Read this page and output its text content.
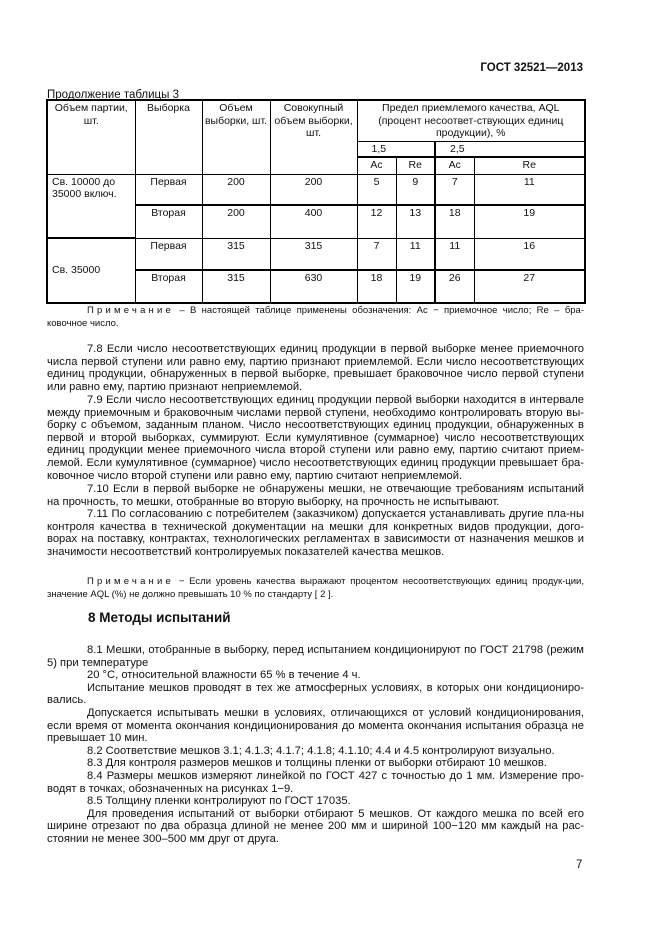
ГОСТ 32521—2013
Продолжение таблицы 3
Объем партии, шт.	Выборка	Объем выборки, шт.	Совокупный объем выборки, шт.	Предел приемлемого качества, AQL (процент несоответ-ствующих единиц продукции), %			
				1,5		2,5	
				Ac	Re	Ac	Re
Св. 10000 до 35000 включ.	Первая	200	200	5	9	7	11
	Вторая	200	400	12	13	18	19
Св. 35000	Первая	315	315	7	11	11	16
	Вторая	315	630	18	19	26	27
Примечание – В настоящей таблице применены обозначения: Ac − приемочное число; Re – бра-ковочное число.

7.8 Если число несоответствующих единиц продукции в первой выборке менее приемочного числа первой ступени или равно ему, партию признают приемлемой. Если число несоответствующих единиц продукции, обнаруженных в первой выборке, превышает браковочное число первой ступени или равно ему, партию признают неприемлемой.

7.9 Если число несоответствующих единиц продукции первой выборки находится в интервале между приемочным и браковочным числами первой ступени, необходимо контролировать вторую вы-борку с объемом, заданным планом. Число несоответствующих единиц продукции, обнаруженных в первой и второй выборках, суммируют. Если кумулятивное (суммарное) число несоответствующих единиц продукции менее приемочного числа второй ступени или равно ему, партию считают прием-лемой. Если кумулятивное (суммарное) число несоответствующих единиц продукции превышает бра-ковочное число второй ступени или равно ему, партию считают неприемлемой.

7.10 Если в первой выборке не обнаружены мешки, не отвечающие требованиям испытаний на прочность, то мешки, отобранные во вторую выборку, на прочность не испытывают.

7.11 По согласованию с потребителем (заказчиком) допускается устанавливать другие пла-ны контроля качества в технической документации на мешки для конкретных видов продукции, дого-ворах на поставку, контрактах, технологических регламентах в зависимости от назначения мешков и значимости несоответствий контролируемых показателей качества мешков.

Примечание − Если уровень качества выражают процентом несоответствующих единиц продук-ции, значение AQL (%) не должно превышать 10 % по стандарту [ 2 ].
8 Методы испытаний

8.1 Мешки, отобранные в выборку, перед испытанием кондиционируют по ГОСТ 21798 (режим 5) при температуре

20 °С, относительной влажности 65 % в течение 4 ч.

Испытание мешков проводят в тех же атмосферных условиях, в которых они кондициониро-вались.

Допускается испытывать мешки в условиях, отличающихся от условий кондиционирования, если время от момента окончания кондиционирования до момента окончания испытания образца не превышает 10 мин.

8.2 Соответствие мешков 3.1; 4.1.3; 4.1.7; 4.1.8; 4.1.10; 4.4 и 4.5 контролируют визуально.

8.3 Для контроля размеров мешков и толщины пленки от выборки отбирают 10 мешков.

8.4 Размеры мешков измеряют линейкой по ГОСТ 427 с точностью до 1 мм. Измерение про-водят в точках, обозначенных на рисунках 1−9.

8.5 Толщину пленки контролируют по ГОСТ 17035.

Для проведения испытаний от выборки отбирают 5 мешков. От каждого мешка по всей его ширине отрезают по два образца длиной не менее 200 мм и шириной 100−120 мм каждый на рас-стоянии не менее 300–500 мм друг от друга.

7
